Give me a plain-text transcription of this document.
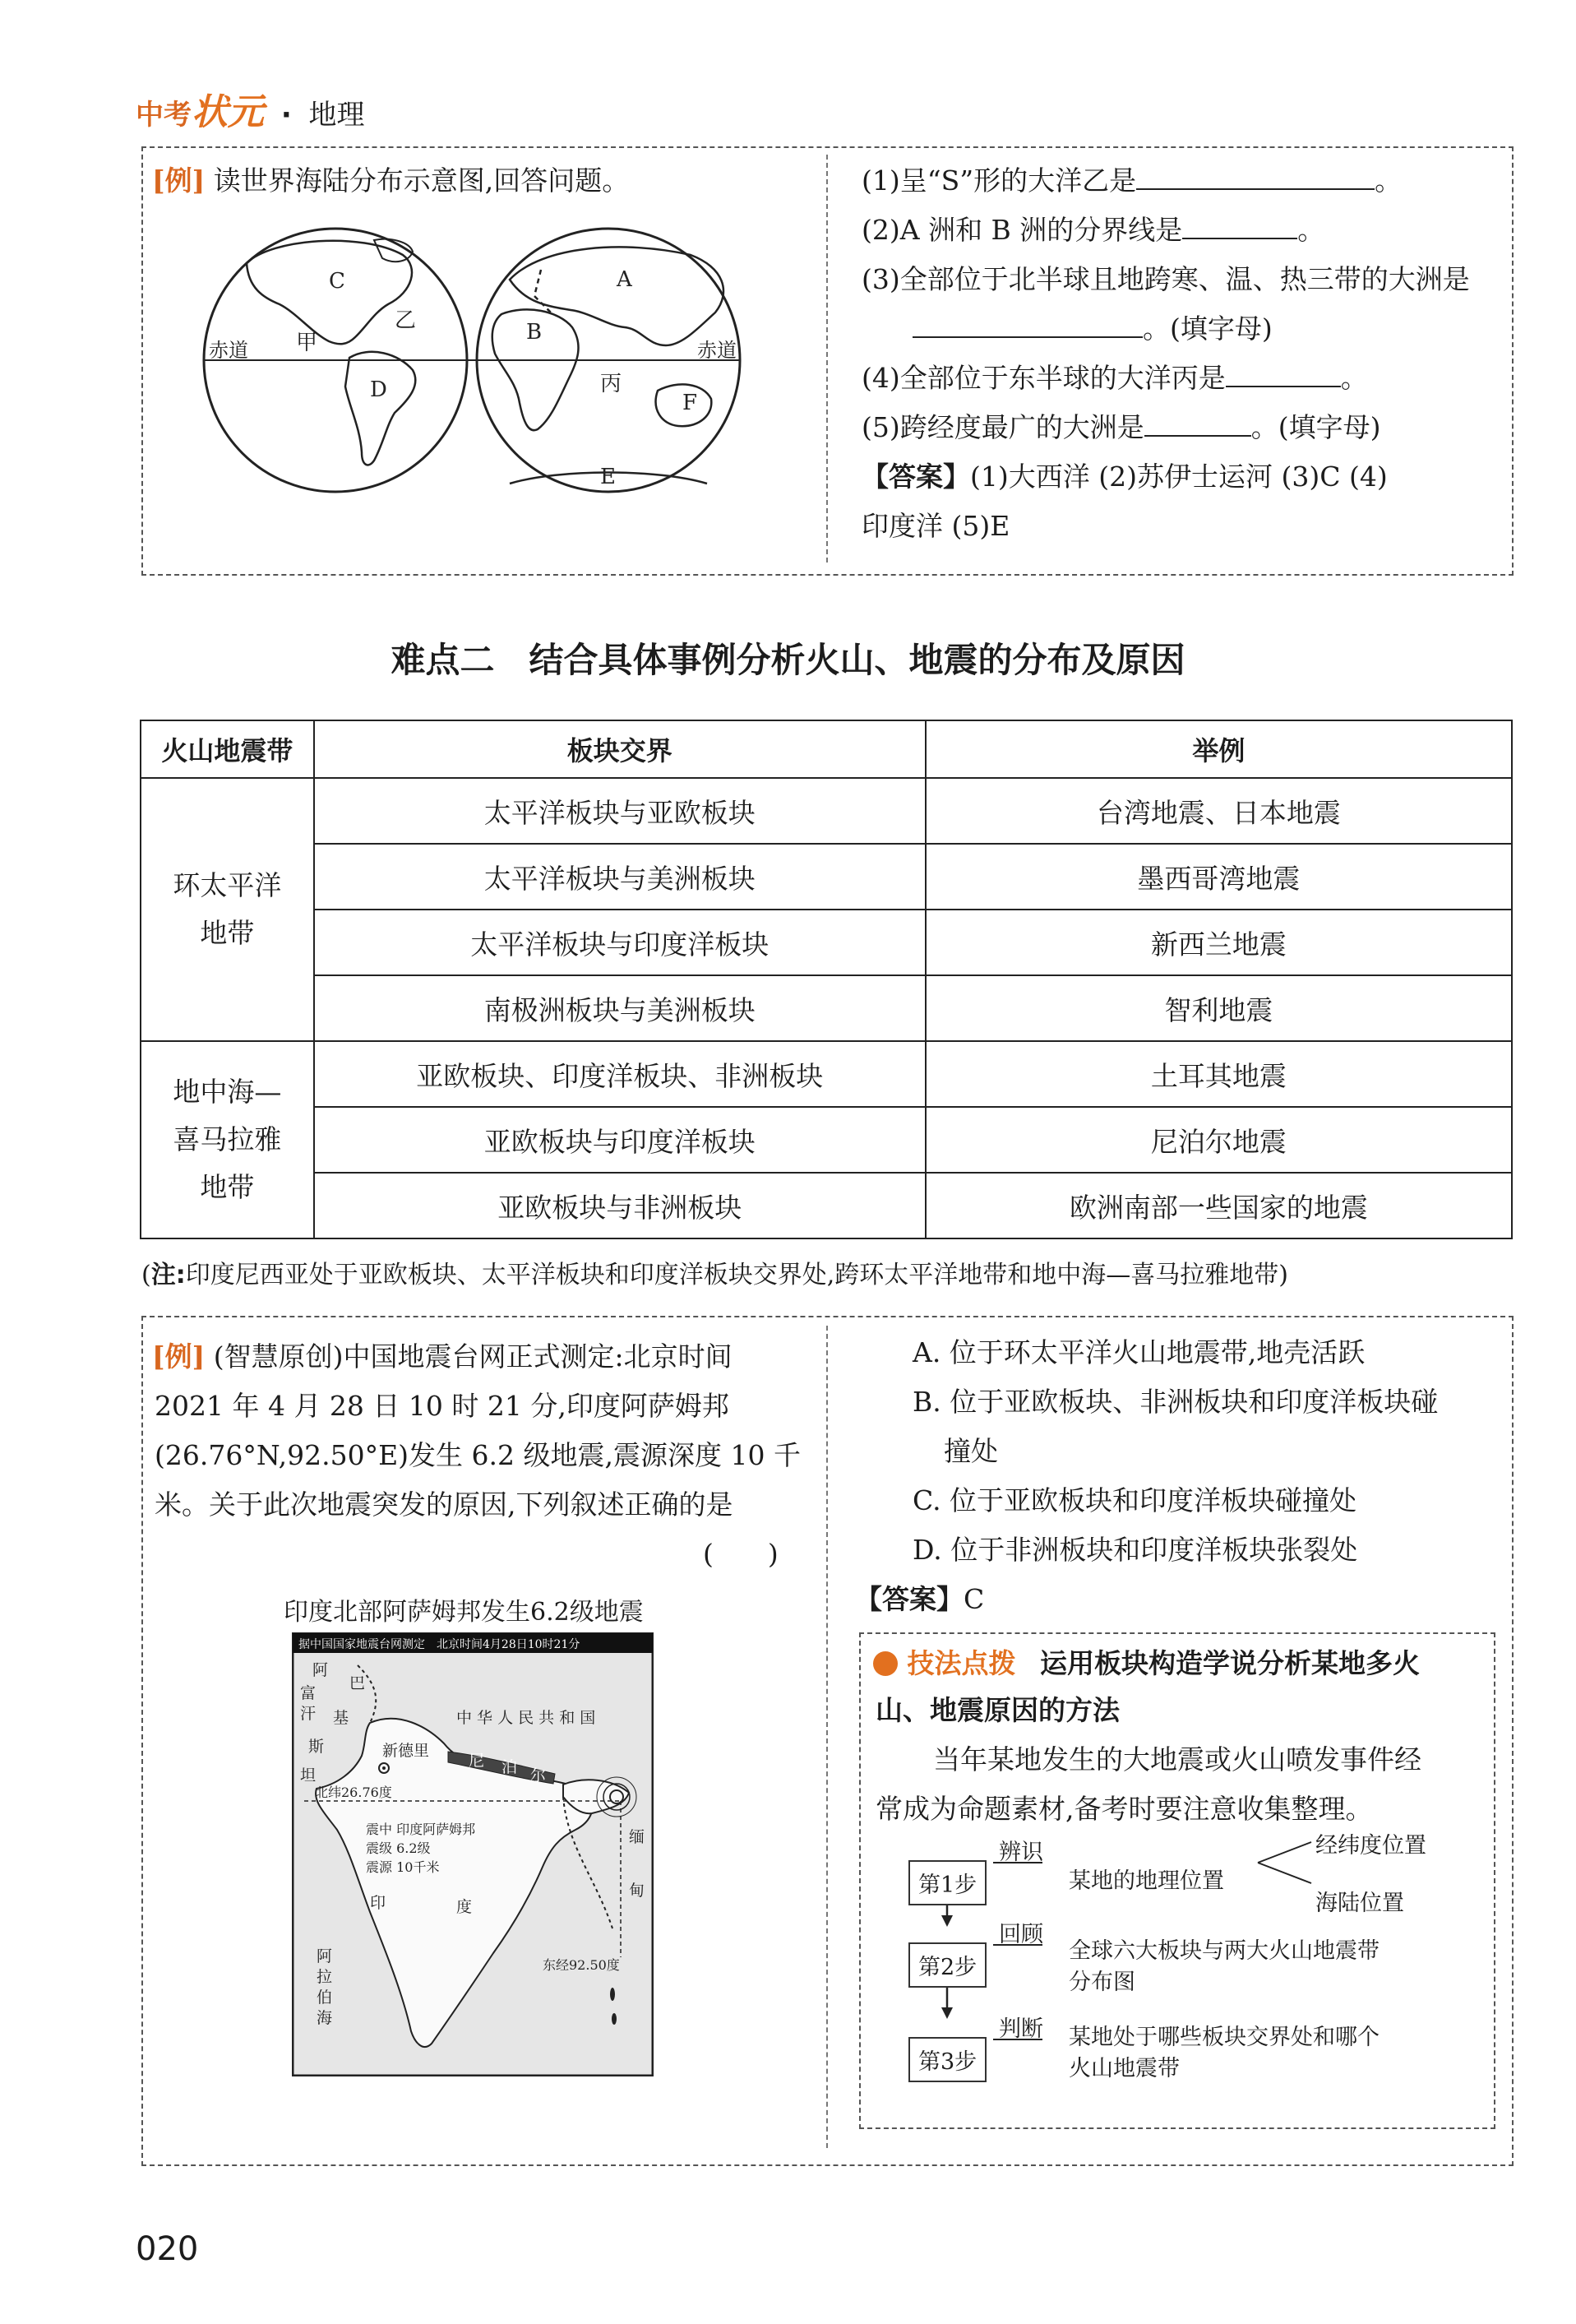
中考状元 · 地理
[例] 读世界海陆分布示意图,回答问题。
C
乙
甲
赤道
D
A
B
丙
F
赤道
E
(1)呈“S”形的大洋乙是	。
(2)A 洲和 B 洲的分界线是	。
(3)全部位于北半球且地跨寒、温、热三带的大洲是
。(填字母)
(4)全部位于东半球的大洋丙是	。
(5)跨经度最广的大洲是	。(填字母)
【答案】(1)大西洋 (2)苏伊士运河 (3)C (4)
印度洋 (5)E
难点二　结合具体事例分析火山、地震的分布及原因
火山地震带	板块交界	举例

环太平洋
地带	太平洋板块与亚欧板块	台湾地震、日本地震
	太平洋板块与美洲板块	墨西哥湾地震
	太平洋板块与印度洋板块	新西兰地震
	南极洲板块与美洲板块	智利地震

地中海—
喜马拉雅
地带	亚欧板块、印度洋板块、非洲板块	土耳其地震
	亚欧板块与印度洋板块	尼泊尔地震
	亚欧板块与非洲板块	欧洲南部一些国家的地震
(注:印度尼西亚处于亚欧板块、太平洋板块和印度洋板块交界处,跨环太平洋地带和地中海—喜马拉雅地带)
[例] (智慧原创)中国地震台网正式测定:北京时间
2021 年 4 月 28 日 10 时 21 分,印度阿萨姆邦
(26.76°N,92.50°E)发生 6.2 级地震,震源深度 10 千
米。关于此次地震突发的原因,下列叙述正确的是
(　　)
印度北部阿萨姆邦发生6.2级地震
据中国国家地震台网测定　北京时间4月28日10时21分
阿
富
汗
巴
基
斯
坦
中 华 人 民 共 和 国
新德里
尼 泊 尔
印	度
缅
甸
阿
拉
伯
海
北纬26.76度
震中 印度阿萨姆邦
震级 6.2级
震源 10千米
东经92.50度
A. 位于环太平洋火山地震带,地壳活跃
B. 位于亚欧板块、非洲板块和印度洋板块碰
撞处
C. 位于亚欧板块和印度洋板块碰撞处
D. 位于非洲板块和印度洋板块张裂处
【答案】C
技法点拨 运用板块构造学说分析某地多火
山、地震原因的方法
当年某地发生的大地震或火山喷发事件经
常成为命题素材,备考时要注意收集整理。
第1步
辨识
某地的地理位置
经纬度位置
海陆位置
第2步
回顾
全球六大板块与两大火山地震带
分布图
第3步
判断 某地处于哪些板块交界处和哪个
火山地震带
020
